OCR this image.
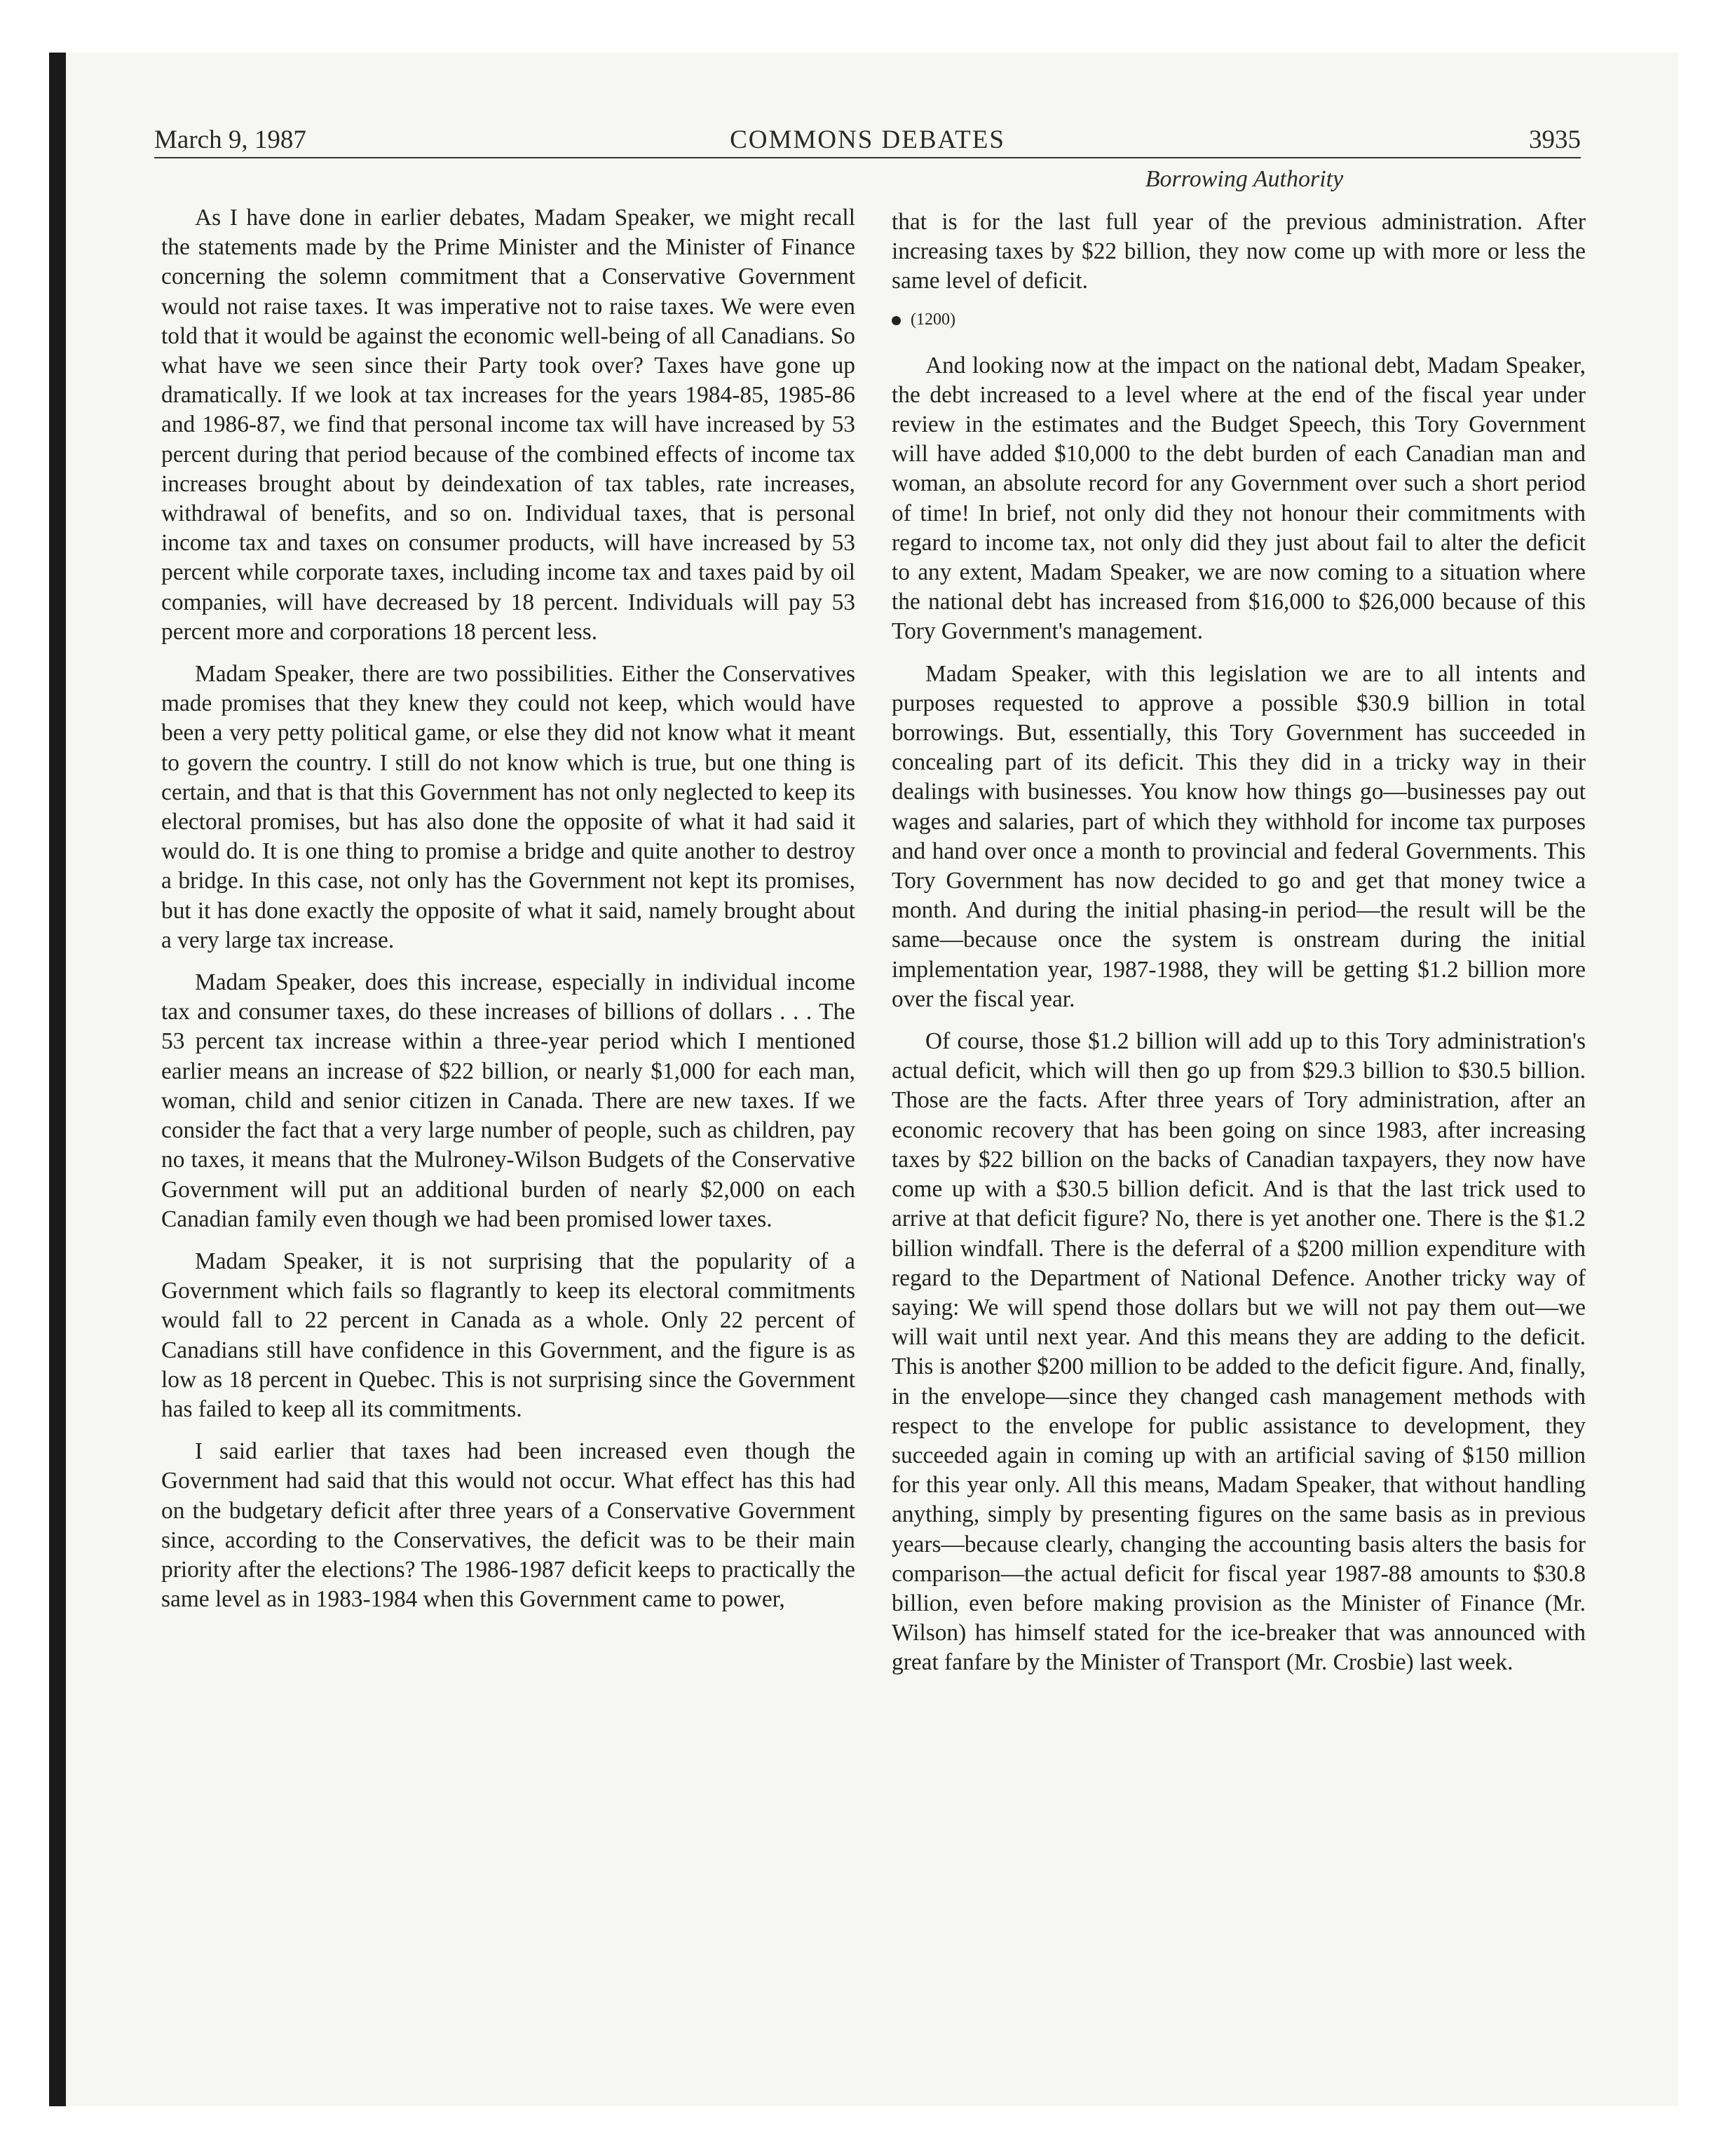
March 9, 1987	COMMONS DEBATES	3935
Borrowing Authority

As I have done in earlier debates, Madam Speaker, we might recall the statements made by the Prime Minister and the Minister of Finance concerning the solemn commitment that a Conservative Government would not raise taxes. It was imperative not to raise taxes. We were even told that it would be against the economic well-being of all Canadians. So what have we seen since their Party took over? Taxes have gone up dramatically. If we look at tax increases for the years 1984-85, 1985-86 and 1986-87, we find that personal income tax will have increased by 53 percent during that period because of the combined effects of income tax increases brought about by deindexation of tax tables, rate increases, withdrawal of benefits, and so on. Individual taxes, that is personal income tax and taxes on consumer products, will have increased by 53 percent while corporate taxes, including income tax and taxes paid by oil companies, will have decreased by 18 percent. Individuals will pay 53 percent more and corporations 18 percent less.

Madam Speaker, there are two possibilities. Either the Conservatives made promises that they knew they could not keep, which would have been a very petty political game, or else they did not know what it meant to govern the country. I still do not know which is true, but one thing is certain, and that is that this Government has not only neglected to keep its electoral promises, but has also done the opposite of what it had said it would do. It is one thing to promise a bridge and quite another to destroy a bridge. In this case, not only has the Government not kept its promises, but it has done exactly the opposite of what it said, namely brought about a very large tax increase.

Madam Speaker, does this increase, especially in individual income tax and consumer taxes, do these increases of billions of dollars . . . The 53 percent tax increase within a three-year period which I mentioned earlier means an increase of $22 billion, or nearly $1,000 for each man, woman, child and senior citizen in Canada. There are new taxes. If we consider the fact that a very large number of people, such as children, pay no taxes, it means that the Mulroney-Wilson Budgets of the Conservative Government will put an additional burden of nearly $2,000 on each Canadian family even though we had been promised lower taxes.

Madam Speaker, it is not surprising that the popularity of a Government which fails so flagrantly to keep its electoral commitments would fall to 22 percent in Canada as a whole. Only 22 percent of Canadians still have confidence in this Government, and the figure is as low as 18 percent in Quebec. This is not surprising since the Government has failed to keep all its commitments.

I said earlier that taxes had been increased even though the Government had said that this would not occur. What effect has this had on the budgetary deficit after three years of a Conservative Government since, according to the Conservatives, the deficit was to be their main priority after the elections? The 1986-1987 deficit keeps to practically the same level as in 1983-1984 when this Government came to power,

that is for the last full year of the previous administration. After increasing taxes by $22 billion, they now come up with more or less the same level of deficit.

(1200)

And looking now at the impact on the national debt, Madam Speaker, the debt increased to a level where at the end of the fiscal year under review in the estimates and the Budget Speech, this Tory Government will have added $10,000 to the debt burden of each Canadian man and woman, an absolute record for any Government over such a short period of time! In brief, not only did they not honour their commitments with regard to income tax, not only did they just about fail to alter the deficit to any extent, Madam Speaker, we are now coming to a situation where the national debt has increased from $16,000 to $26,000 because of this Tory Government's management.

Madam Speaker, with this legislation we are to all intents and purposes requested to approve a possible $30.9 billion in total borrowings. But, essentially, this Tory Government has succeeded in concealing part of its deficit. This they did in a tricky way in their dealings with businesses. You know how things go—businesses pay out wages and salaries, part of which they withhold for income tax purposes and hand over once a month to provincial and federal Governments. This Tory Government has now decided to go and get that money twice a month. And during the initial phasing-in period—the result will be the same—because once the system is onstream during the initial implementation year, 1987-1988, they will be getting $1.2 billion more over the fiscal year.

Of course, those $1.2 billion will add up to this Tory administration's actual deficit, which will then go up from $29.3 billion to $30.5 billion. Those are the facts. After three years of Tory administration, after an economic recovery that has been going on since 1983, after increasing taxes by $22 billion on the backs of Canadian taxpayers, they now have come up with a $30.5 billion deficit. And is that the last trick used to arrive at that deficit figure? No, there is yet another one. There is the $1.2 billion windfall. There is the deferral of a $200 million expenditure with regard to the Department of National Defence. Another tricky way of saying: We will spend those dollars but we will not pay them out—we will wait until next year. And this means they are adding to the deficit. This is another $200 million to be added to the deficit figure. And, finally, in the envelope—since they changed cash management methods with respect to the envelope for public assistance to development, they succeeded again in coming up with an artificial saving of $150 million for this year only. All this means, Madam Speaker, that without handling anything, simply by presenting figures on the same basis as in previous years—because clearly, changing the accounting basis alters the basis for comparison—the actual deficit for fiscal year 1987-88 amounts to $30.8 billion, even before making provision as the Minister of Finance (Mr. Wilson) has himself stated for the ice-breaker that was announced with great fanfare by the Minister of Transport (Mr. Crosbie) last week.
